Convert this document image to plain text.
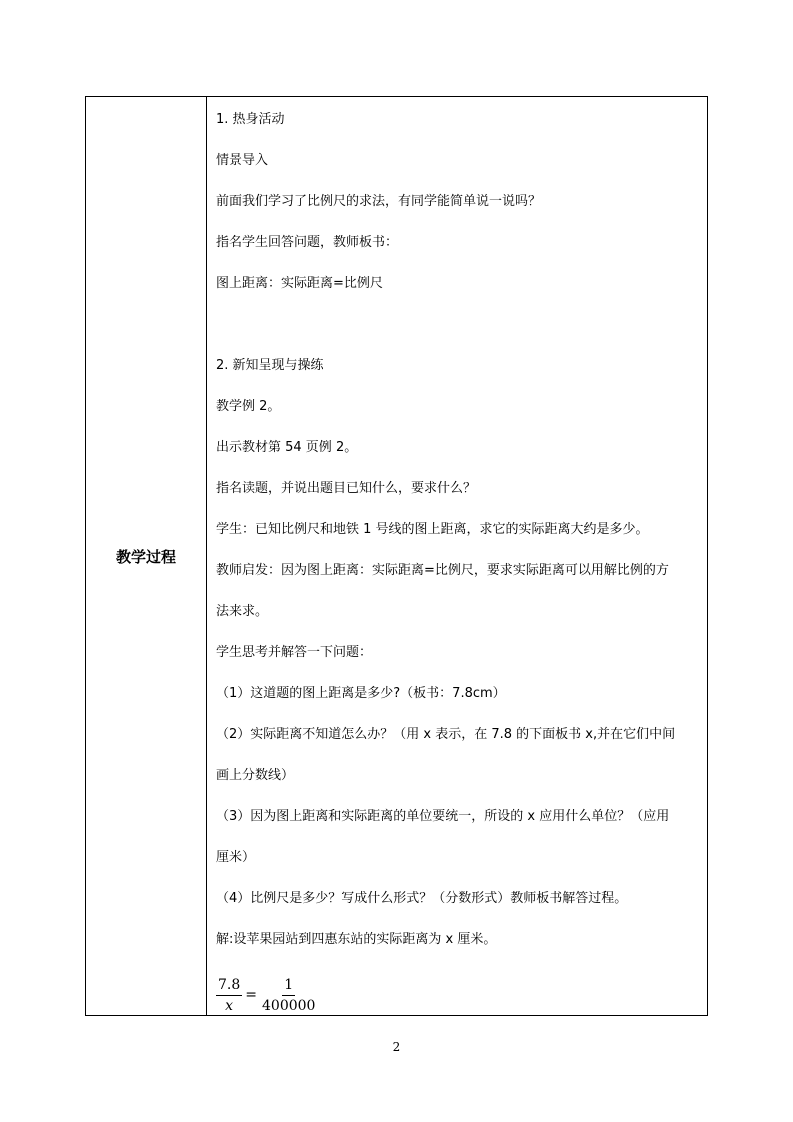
教学过程

1. 热身活动

情景导入

前面我们学习了比例尺的求法，有同学能简单说一说吗？

指名学生回答问题，教师板书：

图上距离：实际距离=比例尺

2. 新知呈现与操练

教学例 2。

出示教材第 54 页例 2。

指名读题，并说出题目已知什么，要求什么？

学生：已知比例尺和地铁 1 号线的图上距离，求它的实际距离大约是多少。

教师启发：因为图上距离：实际距离=比例尺，要求实际距离可以用解比例的方

法来求。

学生思考并解答一下问题：

（1）这道题的图上距离是多少?（板书：7.8cm）

（2）实际距离不知道怎么办？（用 x 表示，在 7.8 的下面板书 x,并在它们中间

画上分数线）

（3）因为图上距离和实际距离的单位要统一，所设的 x 应用什么单位？（应用

厘米）

（4）比例尺是多少？写成什么形式？（分数形式）教师板书解答过程。

解:设苹果园站到四惠东站的实际距离为 x 厘米。

$\frac{7.8}{x} = \frac{1}{400000}$
2
